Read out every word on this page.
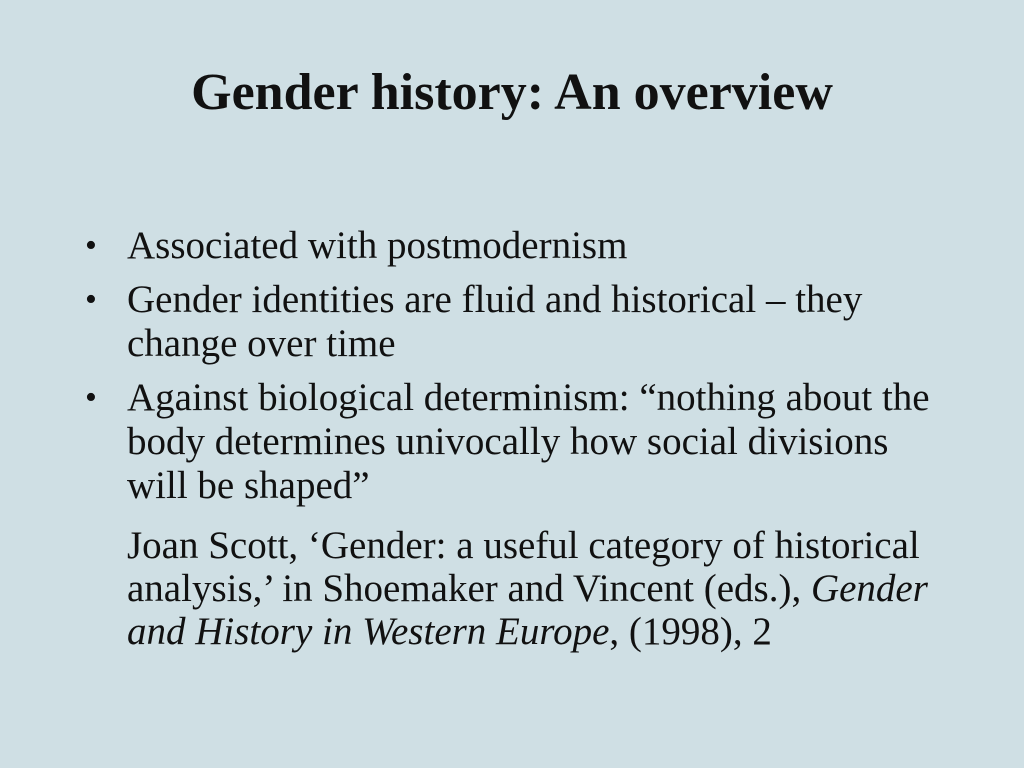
Gender history: An overview
• Associated with postmodernism
• Gender identities are fluid and historical – they change over time
• Against biological determinism: “nothing about the body determines univocally how social divisions will be shaped”
Joan Scott, ‘Gender: a useful category of historical analysis,’ in Shoemaker and Vincent (eds.), Gender and History in Western Europe, (1998), 2
